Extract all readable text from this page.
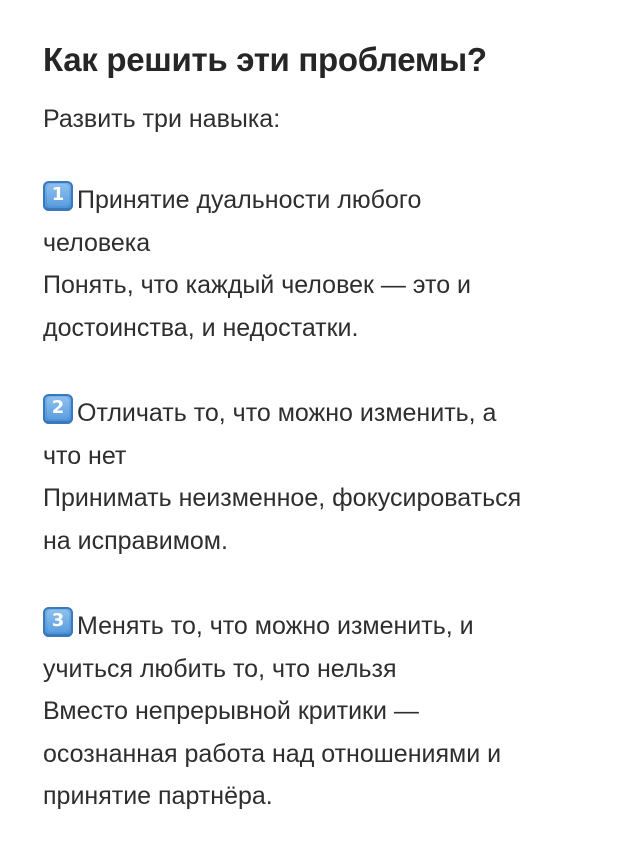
Как решить эти проблемы?
Развить три навыка:
1 Принятие дуальности любого
человека
Понять, что каждый человек — это и
достоинства, и недостатки.
2 Отличать то, что можно изменить, а
что нет
Принимать неизменное, фокусироваться
на исправимом.
3 Менять то, что можно изменить, и
учиться любить то, что нельзя
Вместо непрерывной критики —
осознанная работа над отношениями и
принятие партнёра.
